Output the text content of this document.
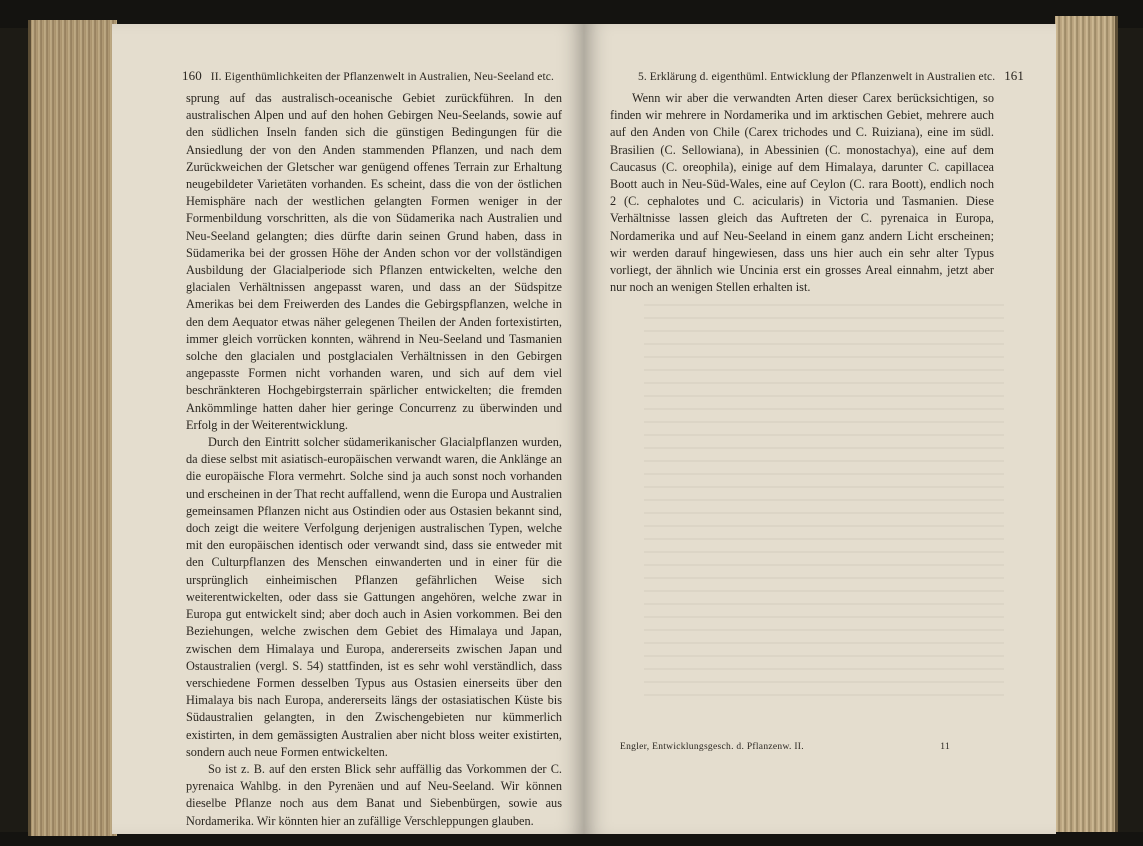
160 II. Eigenthümlichkeiten der Pflanzenwelt in Australien, Neu-Seeland etc.

sprung auf das australisch-oceanische Gebiet zurückführen. In den australischen Alpen und auf den hohen Gebirgen Neu-Seelands, sowie auf den südlichen Inseln fanden sich die günstigen Bedingungen für die Ansiedlung der von den Anden stammenden Pflanzen, und nach dem Zurückweichen der Gletscher war genügend offenes Terrain zur Erhaltung neugebildeter Varietäten vorhanden. Es scheint, dass die von der östlichen Hemisphäre nach der westlichen gelangten Formen weniger in der Formenbildung vorschritten, als die von Südamerika nach Australien und Neu-Seeland gelangten; dies dürfte darin seinen Grund haben, dass in Südamerika bei der grossen Höhe der Anden schon vor der vollständigen Ausbildung der Glacialperiode sich Pflanzen entwickelten, welche den glacialen Verhältnissen angepasst waren, und dass an der Südspitze Amerikas bei dem Freiwerden des Landes die Gebirgspflanzen, welche in den dem Aequator etwas näher gelegenen Theilen der Anden fortexistirten, immer gleich vorrücken konnten, während in Neu-Seeland und Tasmanien solche den glacialen und postglacialen Verhältnissen in den Gebirgen angepasste Formen nicht vorhanden waren, und sich auf dem viel beschränkteren Hochgebirgsterrain spärlicher entwickelten; die fremden Ankömmlinge hatten daher hier geringe Concurrenz zu überwinden und Erfolg in der Weiterentwicklung.

Durch den Eintritt solcher südamerikanischer Glacialpflanzen wurden, da diese selbst mit asiatisch-europäischen verwandt waren, die Anklänge an die europäische Flora vermehrt. Solche sind ja auch sonst noch vorhanden und erscheinen in der That recht auffallend, wenn die Europa und Australien gemeinsamen Pflanzen nicht aus Ostindien oder aus Ostasien bekannt sind, doch zeigt die weitere Verfolgung derjenigen australischen Typen, welche mit den europäischen identisch oder verwandt sind, dass sie entweder mit den Culturpflanzen des Menschen einwanderten und in einer für die ursprünglich einheimischen Pflanzen gefährlichen Weise sich weiterentwickelten, oder dass sie Gattungen angehören, welche zwar in Europa gut entwickelt sind; aber doch auch in Asien vorkommen. Bei den Beziehungen, welche zwischen dem Gebiet des Himalaya und Japan, zwischen dem Himalaya und Europa, andererseits zwischen Japan und Ostaustralien (vergl. S. 54) stattfinden, ist es sehr wohl verständlich, dass verschiedene Formen desselben Typus aus Ostasien einerseits über den Himalaya bis nach Europa, andererseits längs der ostasiatischen Küste bis Südaustralien gelangten, in den Zwischengebieten nur kümmerlich existirten, in dem gemässigten Australien aber nicht bloss weiter existirten, sondern auch neue Formen entwickelten.

So ist z. B. auf den ersten Blick sehr auffällig das Vorkommen der C. pyrenaica Wahlbg. in den Pyrenäen und auf Neu-Seeland. Wir können dieselbe Pflanze noch aus dem Banat und Siebenbürgen, sowie aus Nordamerika. Wir könnten hier an zufällige Verschleppungen glauben.

5. Erklärung d. eigenthüml. Entwicklung der Pflanzenwelt in Australien etc. 161

Wenn wir aber die verwandten Arten dieser Carex berücksichtigen, so finden wir mehrere in Nordamerika und im arktischen Gebiet, mehrere auch auf den Anden von Chile (Carex trichodes und C. Ruiziana), eine im südl. Brasilien (C. Sellowiana), in Abessinien (C. monostachya), eine auf dem Caucasus (C. oreophila), einige auf dem Himalaya, darunter C. capillacea Boott auch in Neu-Süd-Wales, eine auf Ceylon (C. rara Boott), endlich noch 2 (C. cephalotes und C. acicularis) in Victoria und Tasmanien. Diese Verhältnisse lassen gleich das Auftreten der C. pyrenaica in Europa, Nordamerika und auf Neu-Seeland in einem ganz andern Licht erscheinen; wir werden darauf hingewiesen, dass uns hier auch ein sehr alter Typus vorliegt, der ähnlich wie Uncinia erst ein grosses Areal einnahm, jetzt aber nur noch an wenigen Stellen erhalten ist.

Engler, Entwicklungsgesch. d. Pflanzenw. II.	11
